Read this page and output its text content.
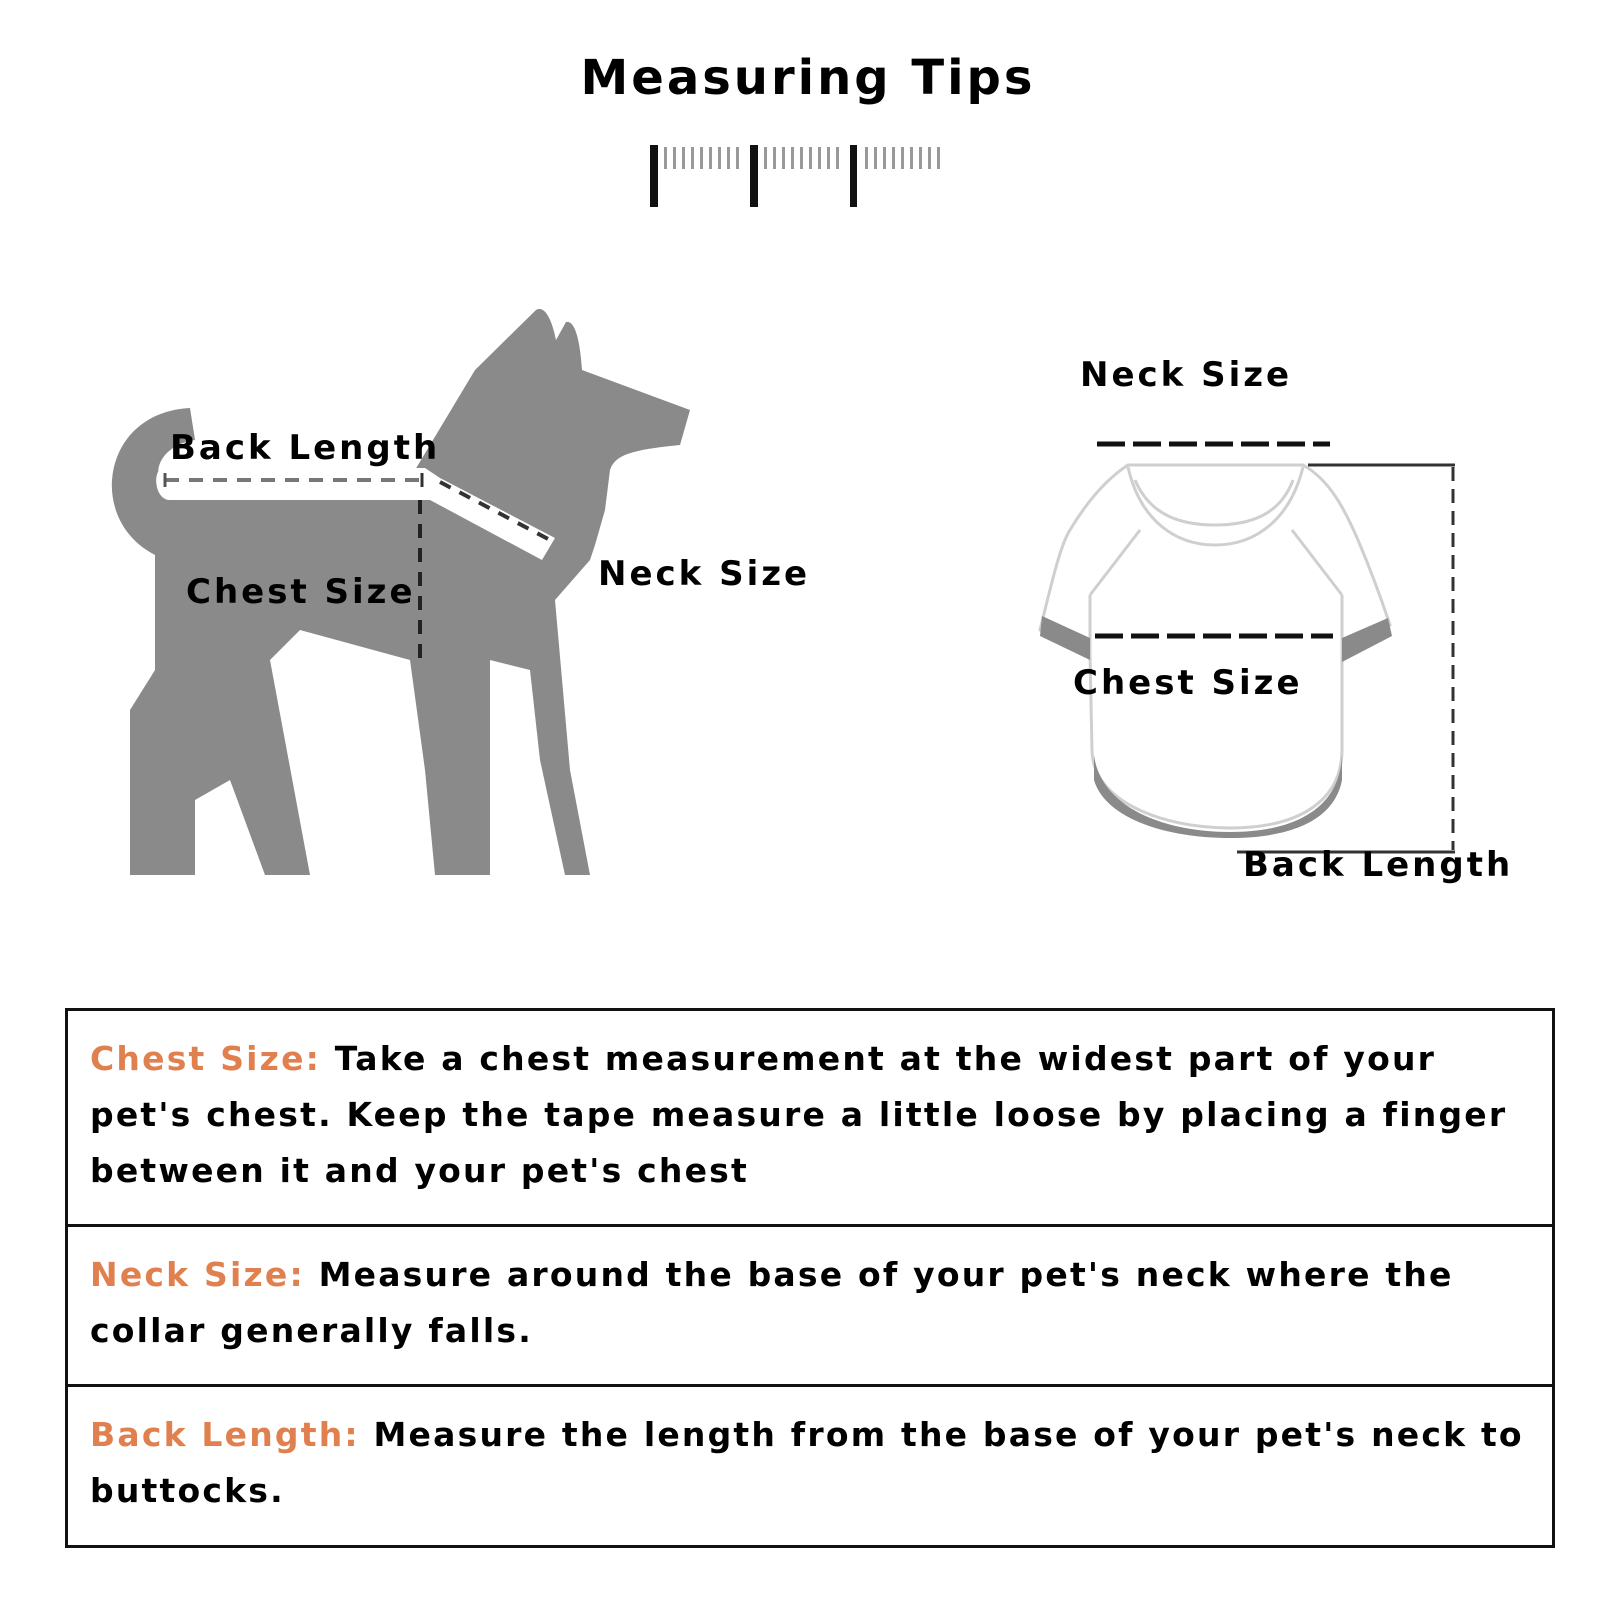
Measuring Tips
Back Length
Chest Size	Neck Size
Neck Size
Chest Size
Back Length
Chest Size: Take a chest measurement at the widest part of your pet's chest. Keep the tape measure a little loose by placing a finger between it and your pet's chest
Neck Size: Measure around the base of your pet's neck where the collar generally falls.
Back Length: Measure the length from the base of your pet's neck to buttocks.
